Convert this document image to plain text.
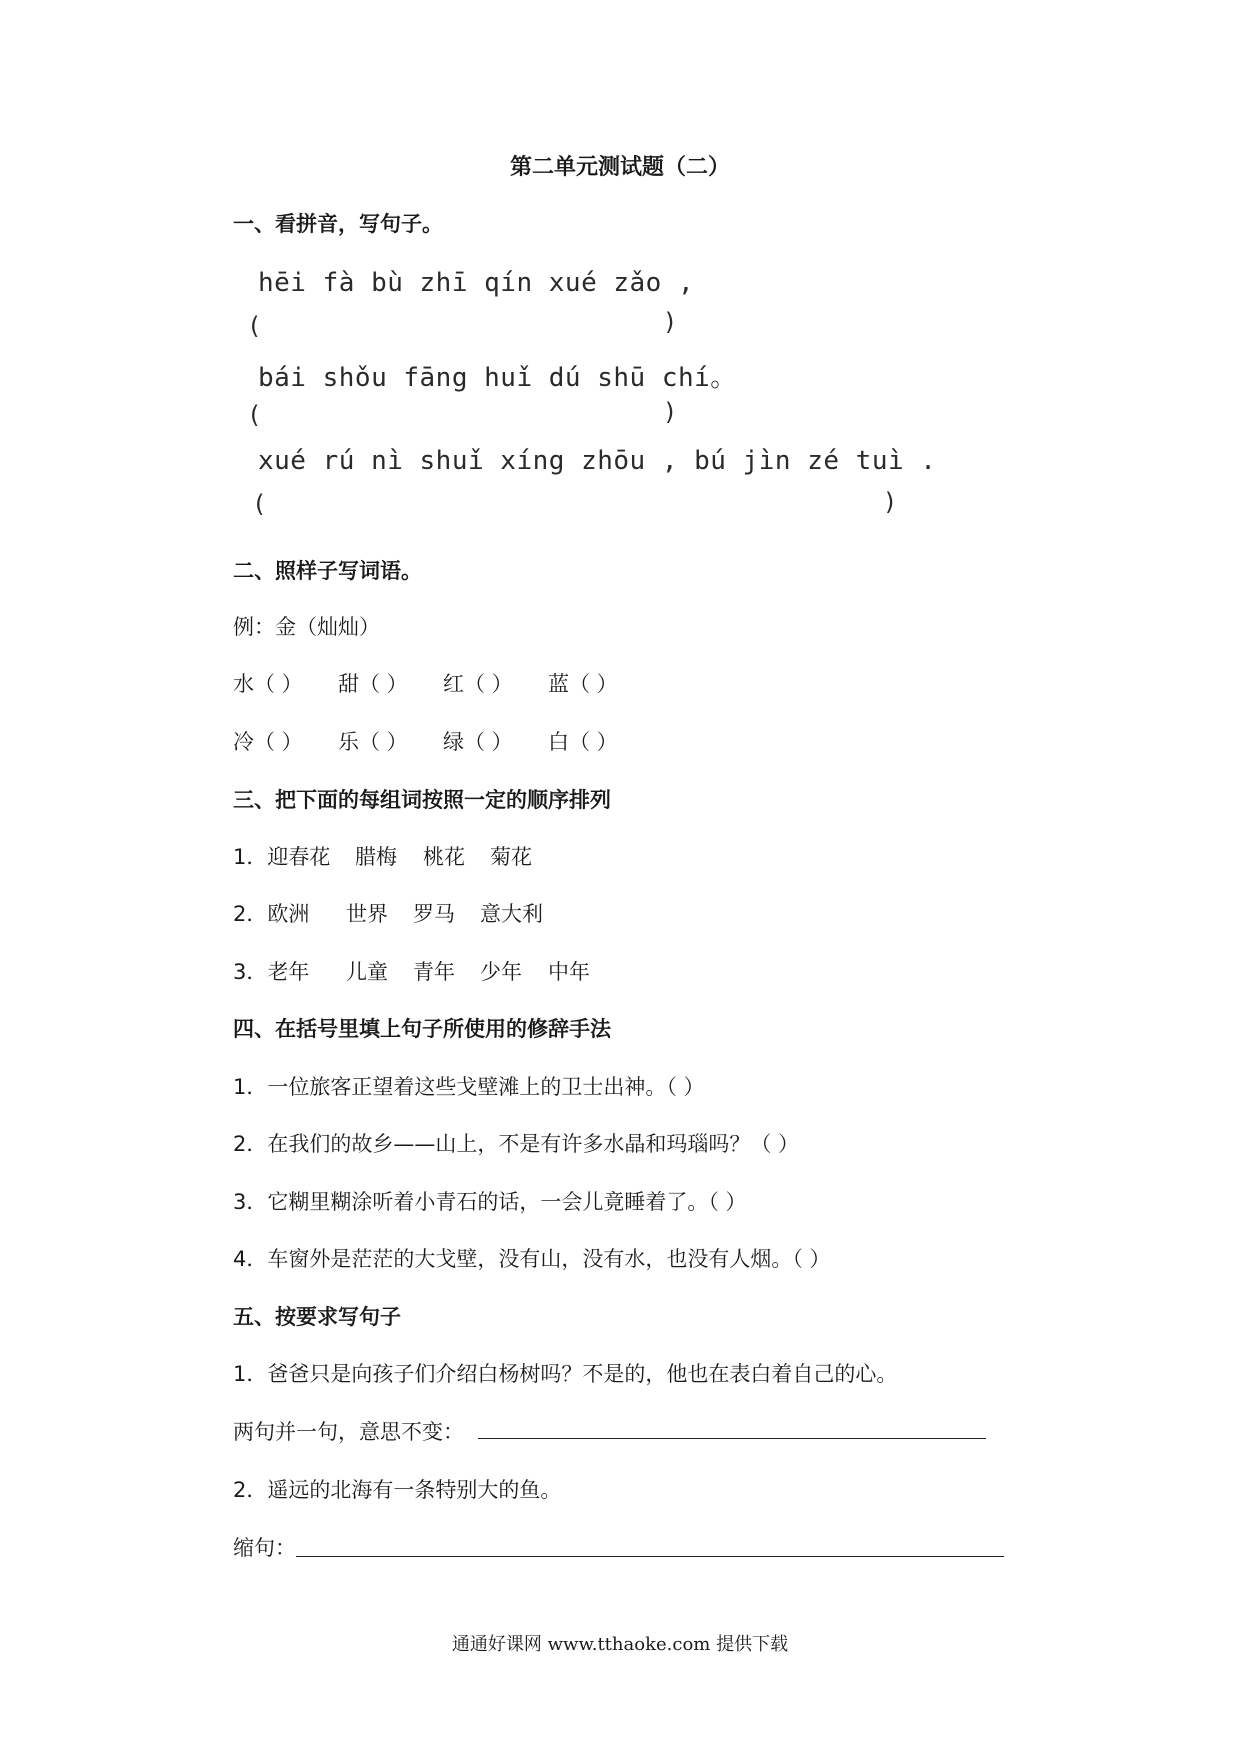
第二单元测试题（二）
一、看拼音，写句子。
hēi fà bù zhī qín xué zǎo ,
(	)
bái shǒu fāng huǐ dú shū chí。
(	)
xué rú nì shuǐ xíng zhōu , bú jìn zé tuì .
(	)
二、照样子写词语。
例：金（灿灿）
水（ ） 甜（ ） 红（ ） 蓝（ ）
冷（ ） 乐（ ） 绿（ ） 白（ ）
三、把下面的每组词按照一定的顺序排列
1．迎春花 腊梅 桃花 菊花
2．欧洲 世界 罗马 意大利
3．老年 儿童 青年 少年 中年
四、在括号里填上句子所使用的修辞手法
1．一位旅客正望着这些戈壁滩上的卫士出神。（ ）
2．在我们的故乡——山上，不是有许多水晶和玛瑙吗？（ ）
3．它糊里糊涂听着小青石的话，一会儿竟睡着了。（ ）
4．车窗外是茫茫的大戈壁，没有山，没有水，也没有人烟。（ ）
五、按要求写句子
1．爸爸只是向孩子们介绍白杨树吗？不是的，他也在表白着自己的心。
两句并一句，意思不变：
2．遥远的北海有一条特别大的鱼。
缩句：
通通好课网 www.tthaoke.com 提供下载
